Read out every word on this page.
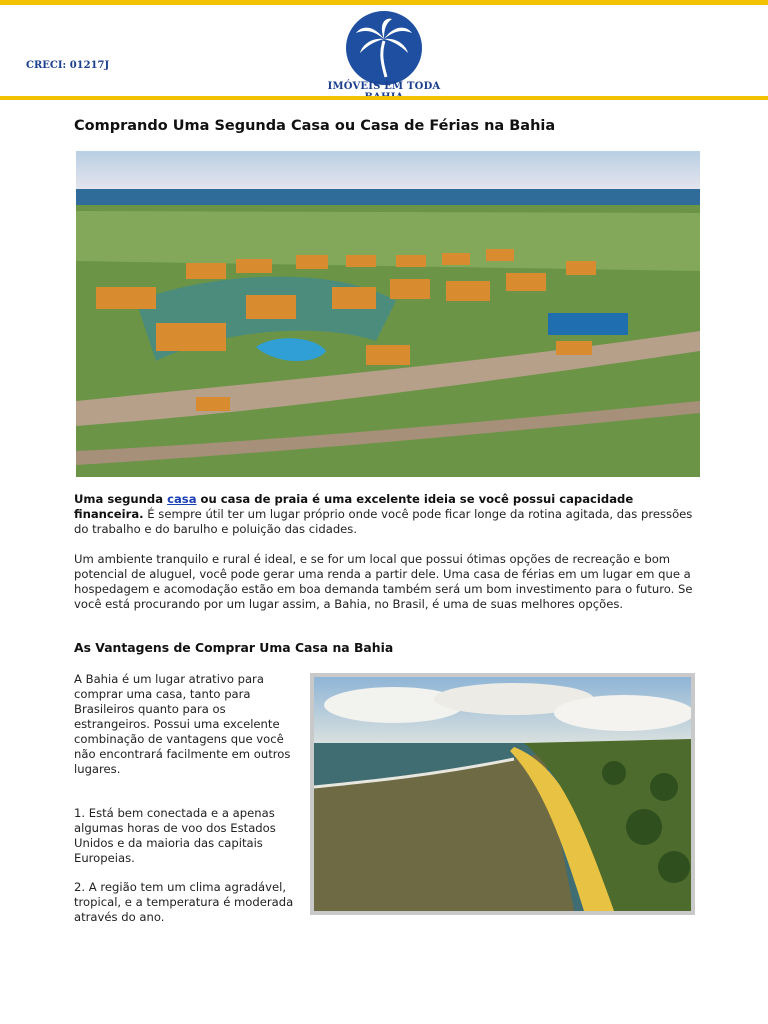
CRECI: 01217J
IMÓVEIS EM TODA
Comprando Uma Segunda Casa ou Casa de Férias na Bahia

Uma segunda casa ou casa de praia é uma excelente ideia se você possui capacidade financeira. É sempre útil ter um lugar próprio onde você pode ficar longe da rotina agitada, das pressões do trabalho e do barulho e poluição das cidades.

Um ambiente tranquilo e rural é ideal, e se for um local que possui ótimas opções de recreação e bom potencial de aluguel, você pode gerar uma renda a partir dele. Uma casa de férias em um lugar em que a hospedagem e acomodação estão em boa demanda também será um bom investimento para o futuro. Se você está procurando por um lugar assim, a Bahia, no Brasil, é uma de suas melhores opções.

As Vantagens de Comprar Uma Casa na Bahia

A Bahia é um lugar atrativo para comprar uma casa, tanto para Brasileiros quanto para os estrangeiros. Possui uma excelente combinação de vantagens que você não encontrará facilmente em outros lugares.

1. Está bem conectada e a apenas algumas horas de voo dos Estados Unidos e da maioria das capitais Europeias.

2. A região tem um clima agradável, tropical, e a temperatura é moderada através do ano.
